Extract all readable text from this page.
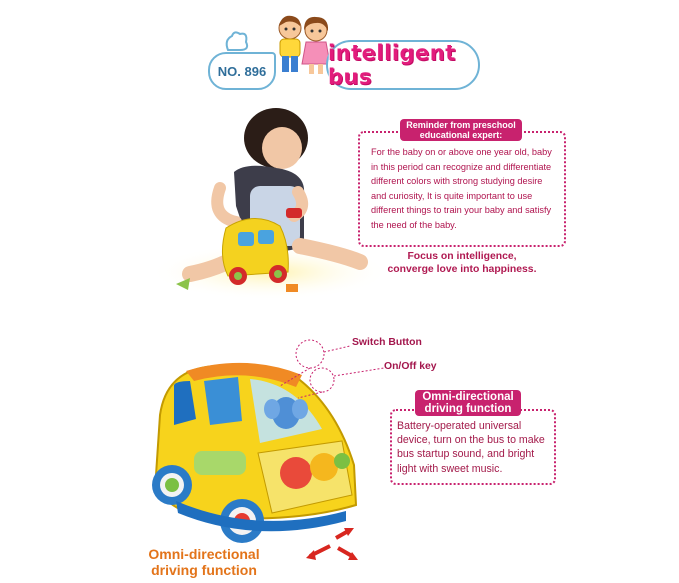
NO. 896
intelligent bus
Reminder from preschool educational expert:
For the baby on or above one year old, baby in this period can recognize and differentiate different colors with strong studying desire and curiosity, It is quite important to use different things to train your baby and satisfy the need of the baby.
Focus on intelligence,
converge love into happiness.
Switch Button
On/Off key
Omni-directional driving function
Battery-operated universal device, turn on the bus to make bus startup sound, and bright light with sweet music.
Omni-directional
driving function
